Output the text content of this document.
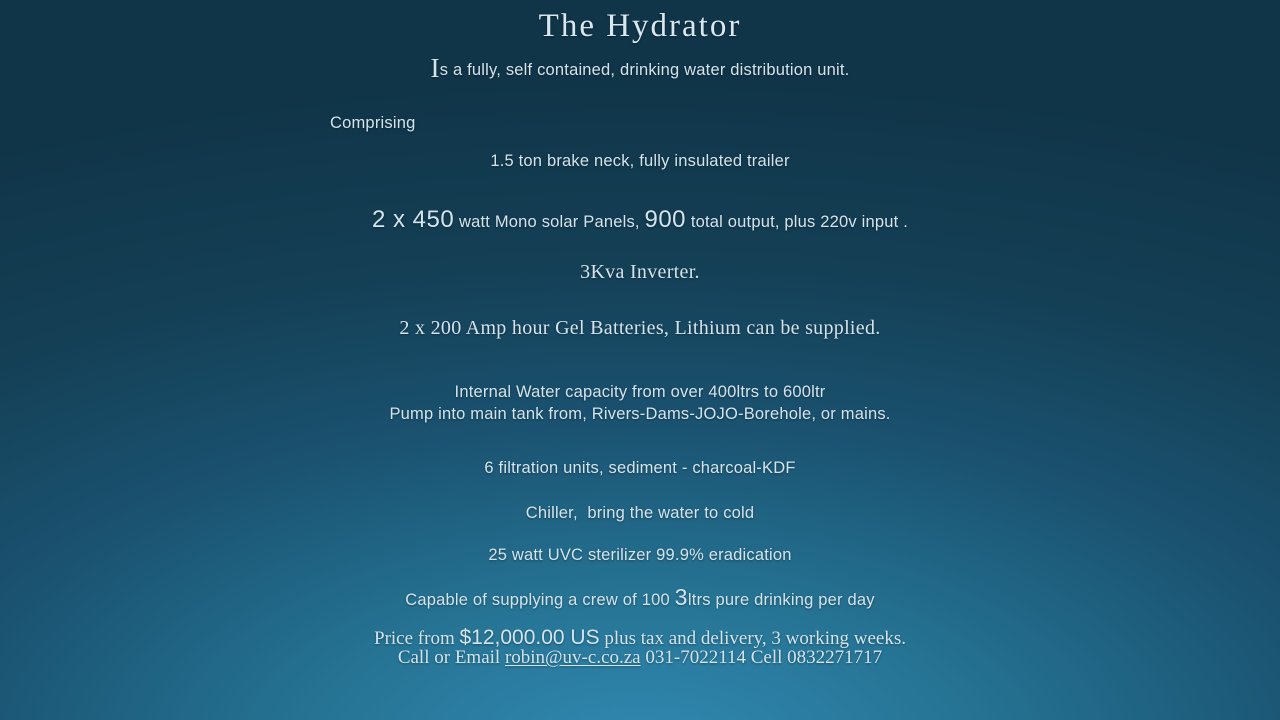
The Hydrator
Is a fully, self contained, drinking water distribution unit.
Comprising
1.5 ton brake neck, fully insulated trailer
2 x 450 watt Mono solar Panels, 900 total output, plus 220v input .
3Kva Inverter.
2 x 200 Amp hour Gel Batteries, Lithium can be supplied.
Internal Water capacity from over 400ltrs to 600ltr
Pump into main tank from, Rivers-Dams-JOJO-Borehole, or mains.
6 filtration units, sediment - charcoal-KDF
Chiller,  bring the water to cold
25 watt UVC sterilizer 99.9% eradication
Capable of supplying a crew of 100 3ltrs pure drinking per day
Price from $12,000.00 US plus tax and delivery, 3 working weeks.
Call or Email robin@uv-c.co.za 031-7022114 Cell 0832271717
